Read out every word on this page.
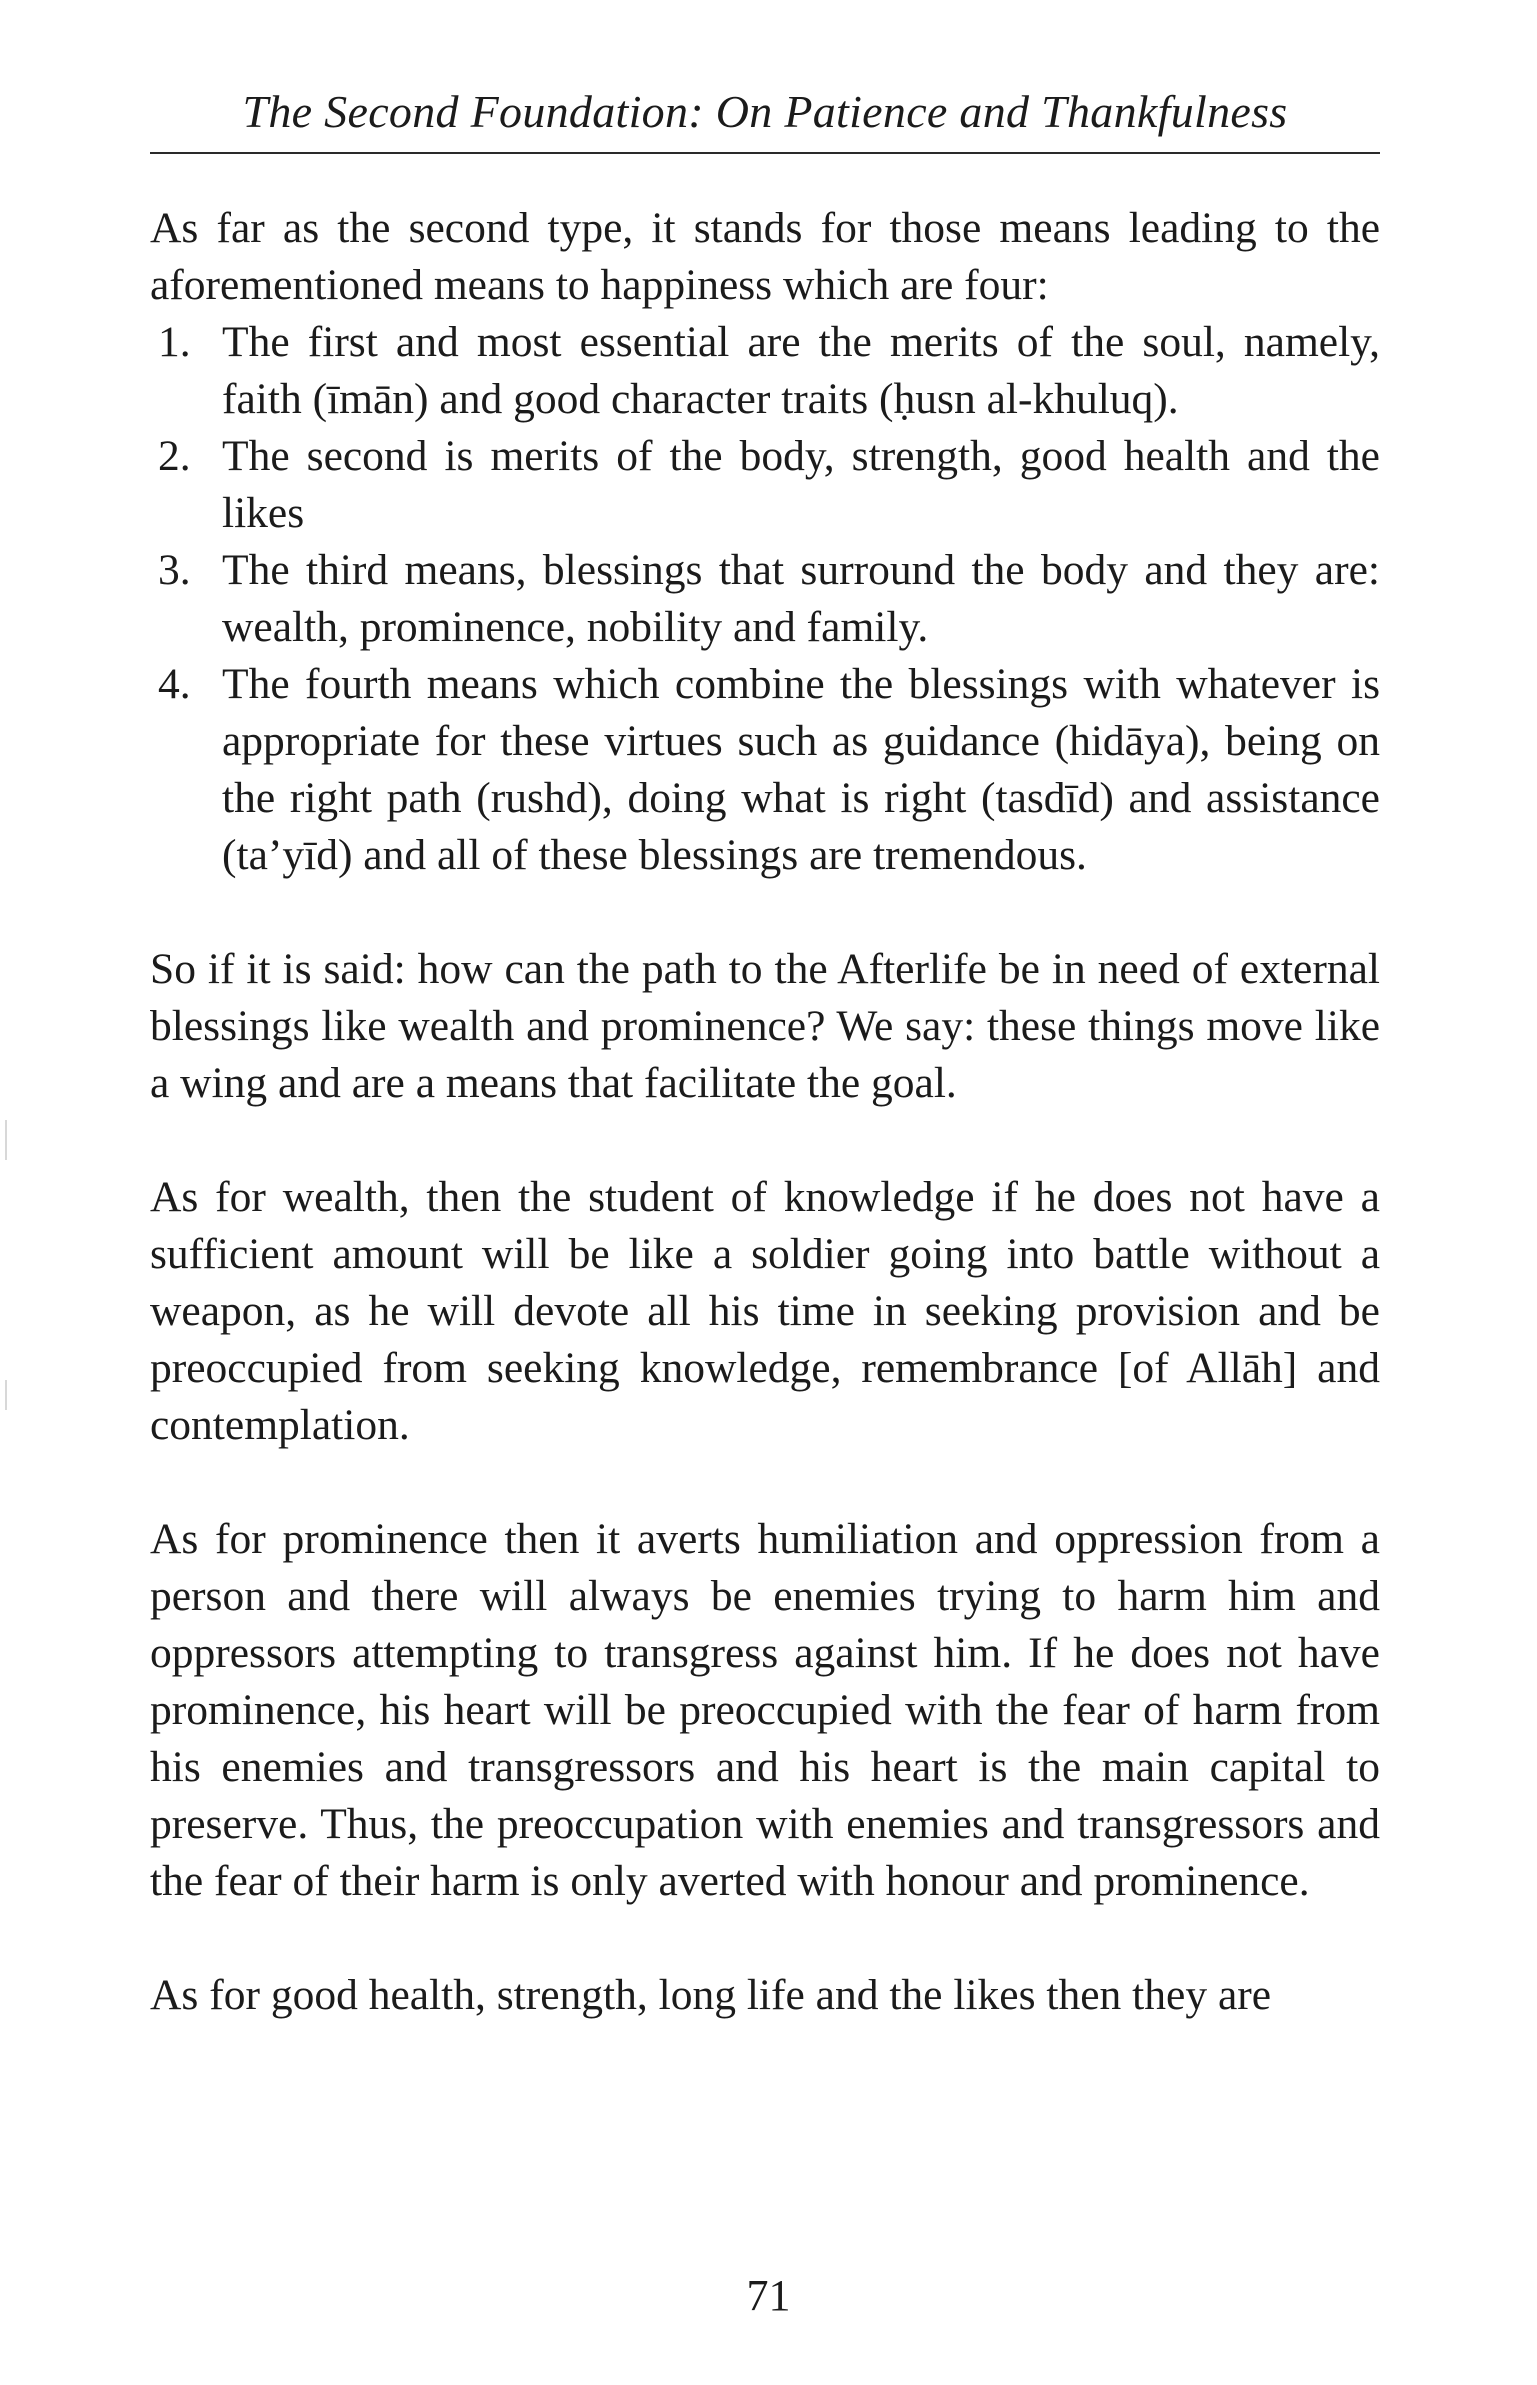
The Second Foundation: On Patience and Thankfulness

As far as the second type, it stands for those means leading to the aforementioned means to happiness which are four:

1. The first and most essential are the merits of the soul, namely, faith (īmān) and good character traits (ḥusn al-khuluq).
2. The second is merits of the body, strength, good health and the likes
3. The third means, blessings that surround the body and they are: wealth, prominence, nobility and family.
4. The fourth means which combine the blessings with whatever is appropriate for these virtues such as guidance (hidāya), being on the right path (rushd), doing what is right (tasdīd) and assistance (ta’yīd) and all of these blessings are tremendous.

So if it is said: how can the path to the Afterlife be in need of external blessings like wealth and prominence? We say: these things move like a wing and are a means that facilitate the goal.

As for wealth, then the student of knowledge if he does not have a sufficient amount will be like a soldier going into battle without a weapon, as he will devote all his time in seeking provision and be preoccupied from seeking knowledge, remembrance [of Allāh] and contemplation.

As for prominence then it averts humiliation and oppression from a person and there will always be enemies trying to harm him and oppressors attempting to transgress against him. If he does not have prominence, his heart will be preoccupied with the fear of harm from his enemies and transgressors and his heart is the main capital to preserve. Thus, the preoccupation with enemies and transgressors and the fear of their harm is only averted with honour and prominence.

As for good health, strength, long life and the likes then they are

71
